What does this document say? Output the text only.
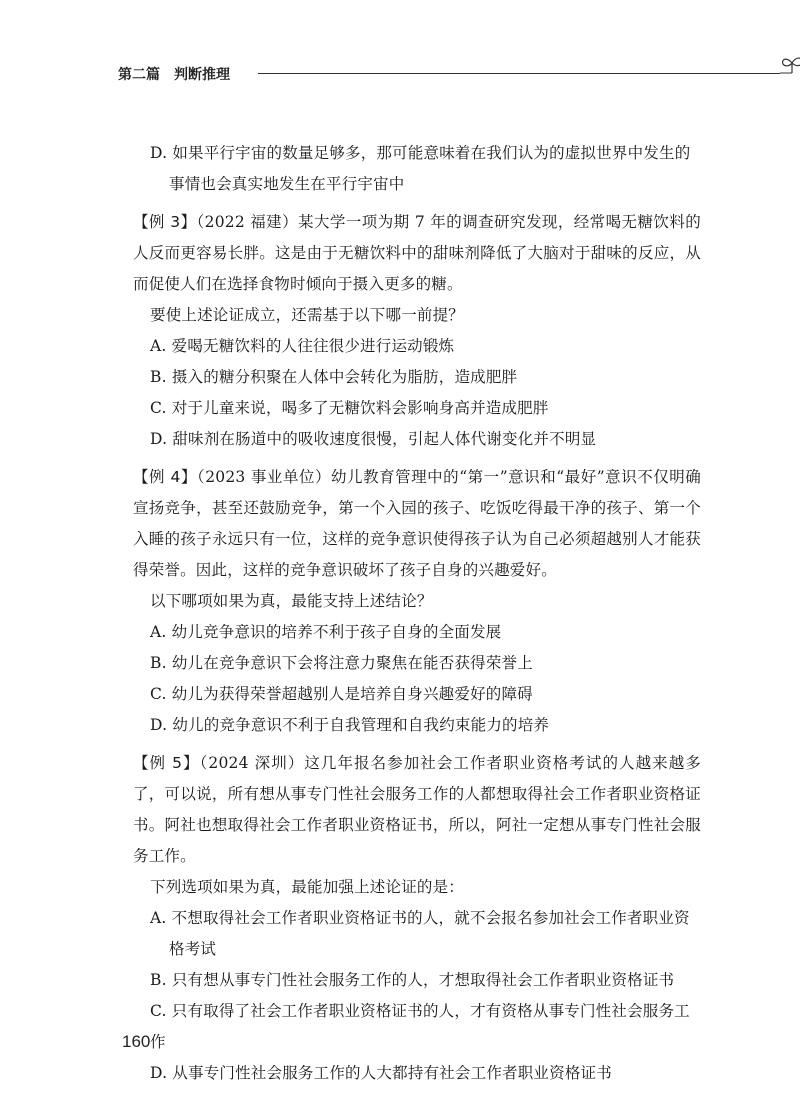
第二篇 判断推理

D. 如果平行宇宙的数量足够多，那可能意味着在我们认为的虚拟世界中发生的事情也会真实地发生在平行宇宙中

【例 3】（2022 福建）某大学一项为期 7 年的调查研究发现，经常喝无糖饮料的人反而更容易长胖。这是由于无糖饮料中的甜味剂降低了大脑对于甜味的反应，从而促使人们在选择食物时倾向于摄入更多的糖。

要使上述论证成立，还需基于以下哪一前提？

A. 爱喝无糖饮料的人往往很少进行运动锻炼

B. 摄入的糖分积聚在人体中会转化为脂肪，造成肥胖

C. 对于儿童来说，喝多了无糖饮料会影响身高并造成肥胖

D. 甜味剂在肠道中的吸收速度很慢，引起人体代谢变化并不明显

【例 4】（2023 事业单位）幼儿教育管理中的“第一”意识和“最好”意识不仅明确宣扬竞争，甚至还鼓励竞争，第一个入园的孩子、吃饭吃得最干净的孩子、第一个入睡的孩子永远只有一位，这样的竞争意识使得孩子认为自己必须超越别人才能获得荣誉。因此，这样的竞争意识破坏了孩子自身的兴趣爱好。

以下哪项如果为真，最能支持上述结论？

A. 幼儿竞争意识的培养不利于孩子自身的全面发展

B. 幼儿在竞争意识下会将注意力聚焦在能否获得荣誉上

C. 幼儿为获得荣誉超越别人是培养自身兴趣爱好的障碍

D. 幼儿的竞争意识不利于自我管理和自我约束能力的培养

【例 5】（2024 深圳）这几年报名参加社会工作者职业资格考试的人越来越多了，可以说，所有想从事专门性社会服务工作的人都想取得社会工作者职业资格证书。阿社也想取得社会工作者职业资格证书，所以，阿社一定想从事专门性社会服务工作。

下列选项如果为真，最能加强上述论证的是：

A. 不想取得社会工作者职业资格证书的人，就不会报名参加社会工作者职业资格考试

B. 只有想从事专门性社会服务工作的人，才想取得社会工作者职业资格证书

C. 只有取得了社会工作者职业资格证书的人，才有资格从事专门性社会服务工作

D. 从事专门性社会服务工作的人大都持有社会工作者职业资格证书

160
